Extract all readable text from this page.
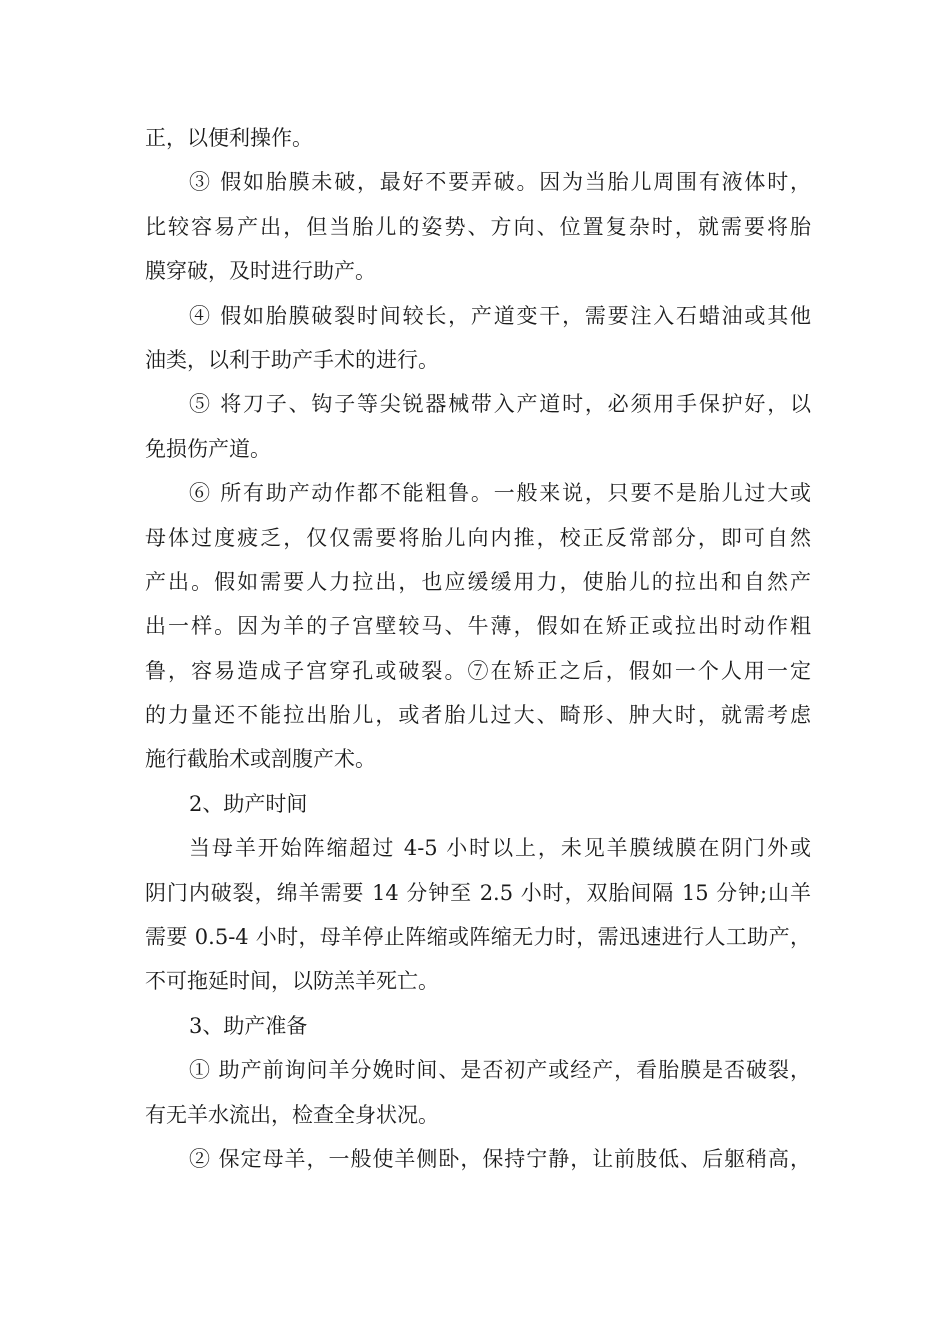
正，以便利操作。
③ 假如胎膜未破，最好不要弄破。因为当胎儿周围有液体时，
比较容易产出，但当胎儿的姿势、方向、位置复杂时，就需要将胎
膜穿破，及时进行助产。
④ 假如胎膜破裂时间较长，产道变干，需要注入石蜡油或其他
油类，以利于助产手术的进行。
⑤ 将刀子、钩子等尖锐器械带入产道时，必须用手保护好，以
免损伤产道。
⑥ 所有助产动作都不能粗鲁。一般来说，只要不是胎儿过大或
母体过度疲乏，仅仅需要将胎儿向内推，校正反常部分，即可自然
产出。假如需要人力拉出，也应缓缓用力，使胎儿的拉出和自然产
出一样。因为羊的子宫壁较马、牛薄，假如在矫正或拉出时动作粗
鲁，容易造成子宫穿孔或破裂。⑦在矫正之后，假如一个人用一定
的力量还不能拉出胎儿，或者胎儿过大、畸形、肿大时，就需考虑
施行截胎术或剖腹产术。
2、助产时间
当母羊开始阵缩超过 4-5 小时以上，未见羊膜绒膜在阴门外或
阴门内破裂，绵羊需要 14 分钟至 2.5 小时，双胎间隔 15 分钟;山羊
需要 0.5-4 小时，母羊停止阵缩或阵缩无力时，需迅速进行人工助产，
不可拖延时间，以防羔羊死亡。
3、助产准备
① 助产前询问羊分娩时间、是否初产或经产，看胎膜是否破裂，
有无羊水流出，检查全身状况。
② 保定母羊，一般使羊侧卧，保持宁静，让前肢低、后躯稍高，
